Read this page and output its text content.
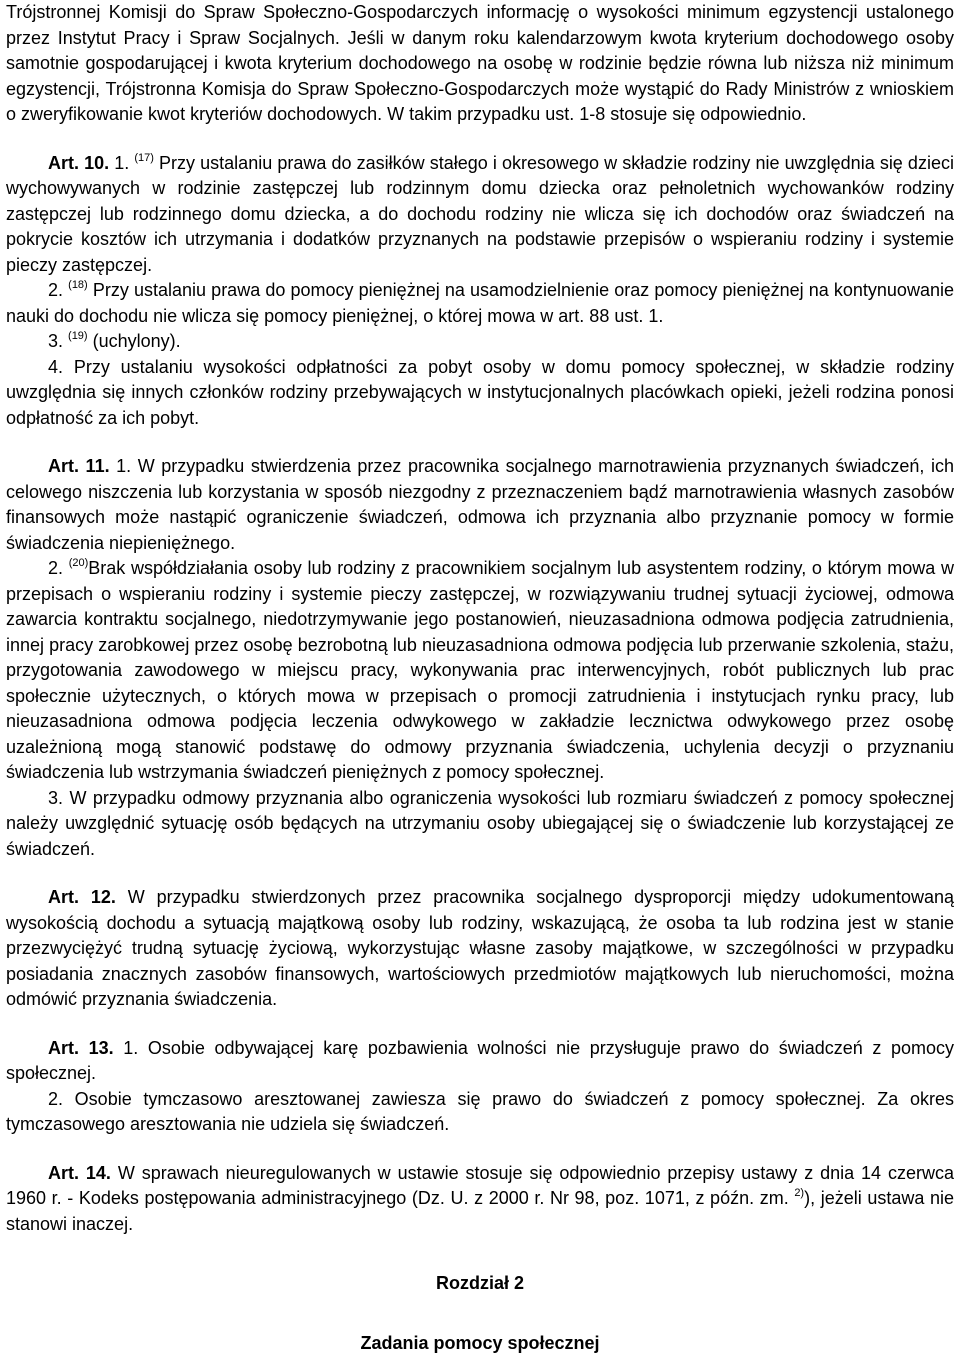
Trójstronnej Komisji do Spraw Społeczno-Gospodarczych informację o wysokości minimum egzystencji ustalonego przez Instytut Pracy i Spraw Socjalnych. Jeśli w danym roku kalendarzowym kwota kryterium dochodowego osoby samotnie gospodarującej i kwota kryterium dochodowego na osobę w rodzinie będzie równa lub niższa niż minimum egzystencji, Trójstronna Komisja do Spraw Społeczno-Gospodarczych może wystąpić do Rady Ministrów z wnioskiem o zweryfikowanie kwot kryteriów dochodowych. W takim przypadku ust. 1-8 stosuje się odpowiednio.

Art. 10. 1. $^{(17)}$ Przy ustalaniu prawa do zasiłków stałego i okresowego w składzie rodziny nie uwzględnia się dzieci wychowywanych w rodzinie zastępczej lub rodzinnym domu dziecka oraz pełnoletnich wychowanków rodziny zastępczej lub rodzinnego domu dziecka, a do dochodu rodziny nie wlicza się ich dochodów oraz świadczeń na pokrycie kosztów ich utrzymania i dodatków przyznanych na podstawie przepisów o wspieraniu rodziny i systemie pieczy zastępczej.

2. $^{(18)}$ Przy ustalaniu prawa do pomocy pieniężnej na usamodzielnienie oraz pomocy pieniężnej na kontynuowanie nauki do dochodu nie wlicza się pomocy pieniężnej, o której mowa w art. 88 ust. 1.

3. $^{(19)}$ (uchylony).

4. Przy ustalaniu wysokości odpłatności za pobyt osoby w domu pomocy społecznej, w składzie rodziny uwzględnia się innych członków rodziny przebywających w instytucjonalnych placówkach opieki, jeżeli rodzina ponosi odpłatność za ich pobyt.

Art. 11. 1. W przypadku stwierdzenia przez pracownika socjalnego marnotrawienia przyznanych świadczeń, ich celowego niszczenia lub korzystania w sposób niezgodny z przeznaczeniem bądź marnotrawienia własnych zasobów finansowych może nastąpić ograniczenie świadczeń, odmowa ich przyznania albo przyznanie pomocy w formie świadczenia niepieniężnego.

2. $^{(20)}$Brak współdziałania osoby lub rodziny z pracownikiem socjalnym lub asystentem rodziny, o którym mowa w przepisach o wspieraniu rodziny i systemie pieczy zastępczej, w rozwiązywaniu trudnej sytuacji życiowej, odmowa zawarcia kontraktu socjalnego, niedotrzymywanie jego postanowień, nieuzasadniona odmowa podjęcia zatrudnienia, innej pracy zarobkowej przez osobę bezrobotną lub nieuzasadniona odmowa podjęcia lub przerwanie szkolenia, stażu, przygotowania zawodowego w miejscu pracy, wykonywania prac interwencyjnych, robót publicznych lub prac społecznie użytecznych, o których mowa w przepisach o promocji zatrudnienia i instytucjach rynku pracy, lub nieuzasadniona odmowa podjęcia leczenia odwykowego w zakładzie lecznictwa odwykowego przez osobę uzależnioną mogą stanowić podstawę do odmowy przyznania świadczenia, uchylenia decyzji o przyznaniu świadczenia lub wstrzymania świadczeń pieniężnych z pomocy społecznej.

3. W przypadku odmowy przyznania albo ograniczenia wysokości lub rozmiaru świadczeń z pomocy społecznej należy uwzględnić sytuację osób będących na utrzymaniu osoby ubiegającej się o świadczenie lub korzystającej ze świadczeń.

Art. 12. W przypadku stwierdzonych przez pracownika socjalnego dysproporcji między udokumentowaną wysokością dochodu a sytuacją majątkową osoby lub rodziny, wskazującą, że osoba ta lub rodzina jest w stanie przezwyciężyć trudną sytuację życiową, wykorzystując własne zasoby majątkowe, w szczególności w przypadku posiadania znacznych zasobów finansowych, wartościowych przedmiotów majątkowych lub nieruchomości, można odmówić przyznania świadczenia.

Art. 13. 1. Osobie odbywającej karę pozbawienia wolności nie przysługuje prawo do świadczeń z pomocy społecznej.

2. Osobie tymczasowo aresztowanej zawiesza się prawo do świadczeń z pomocy społecznej. Za okres tymczasowego aresztowania nie udziela się świadczeń.

Art. 14. W sprawach nieuregulowanych w ustawie stosuje się odpowiednio przepisy ustawy z dnia 14 czerwca 1960 r. - Kodeks postępowania administracyjnego (Dz. U. z 2000 r. Nr 98, poz. 1071, z późn. zm. $^{2)}$), jeżeli ustawa nie stanowi inaczej.

Rozdział 2

Zadania pomocy społecznej
